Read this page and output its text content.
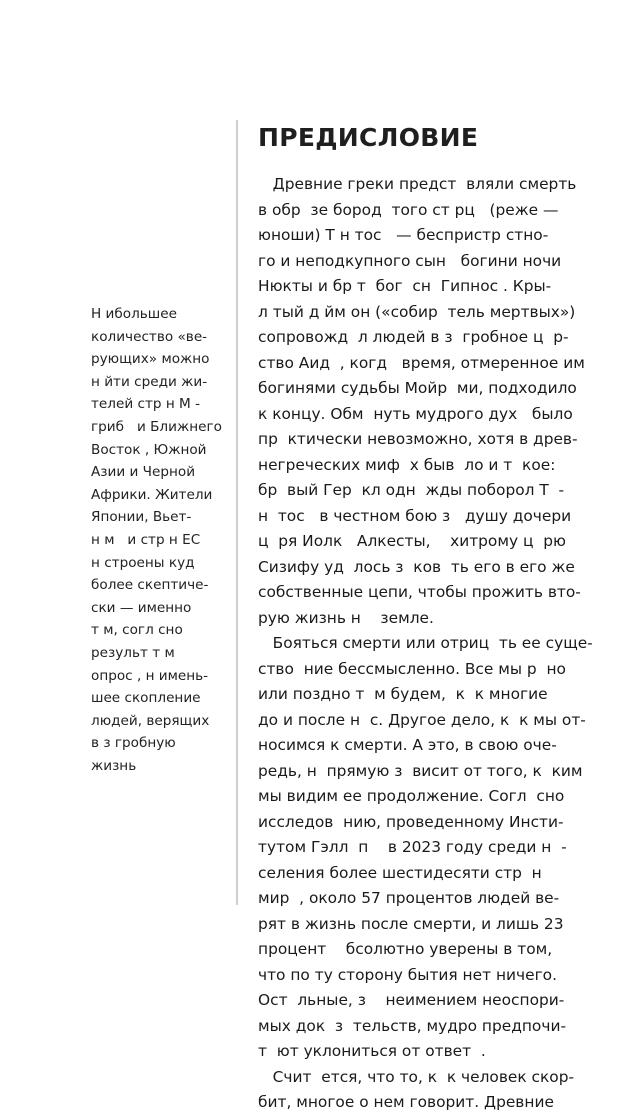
Н ибольшее
количество «ве-
рующих» можно
н йти среди жи-
телей стр н М -
гриб   и Ближнего
Восток , Южной
Азии и Черной
Африки. Жители
Японии, Вьет-
н м   и стр н ЕС
н строены куд
более скептиче-
ски — именно
т м, согл сно
результ т м
опрос , н имень-
шее скопление
людей, верящих
в з гробную
жизнь
ПРЕДИСЛОВИЕ
Древние греки предст  вляли смерть
в обр  зе бород  того ст рц   (реже —
юноши) Т н тос   — беспристр стно-
го и неподкупного сын   богини ночи
Нюкты и бр т  бог  сн  Гипнос . Кры-
л тый д йм он («собир  тель мертвых»)
сопровожд  л людей в з  гробное ц  р-
ство Аид  , когд   время, отмеренное им
богинями судьбы Мойр  ми, подходило
к концу. Обм  нуть мудрого дух   было
пр  ктически невозможно, хотя в древ-
негреческих миф  х быв  ло и т  кое:
бр  вый Гер  кл одн  жды поборол Т  -
н  тос   в честном бою з   душу дочери
ц  ря Иолк   Алкесты,    хитрому ц  рю
Сизифу уд  лось з  ков  ть его в его же
собственные цепи, чтобы прожить вто-
рую жизнь н    земле.
Бояться смерти или отриц  ть ее суще-
ство  ние бессмысленно. Все мы р  но
или поздно т  м будем,  к  к многие
до и после н  с. Другое дело, к  к мы от-
носимся к смерти. А это, в свою оче-
редь, н  прямую з  висит от того, к  ким
мы видим ее продолжение. Согл  сно
исследов  нию, проведенному Инсти-
тутом Гэлл  п    в 2023 году среди н  -
селения более шестидесяти стр  н
мир  , около 57 процентов людей ве-
рят в жизнь после смерти, и лишь 23
процент    бсолютно уверены в том,
что по ту сторону бытия нет ничего.
Ост  льные, з    неимением неоспори-
мых док  з  тельств, мудро предпочи-
т  ют уклониться от ответ  .
Счит  ется, что то, к  к человек скор-
бит, многое о нем говорит. Древние
